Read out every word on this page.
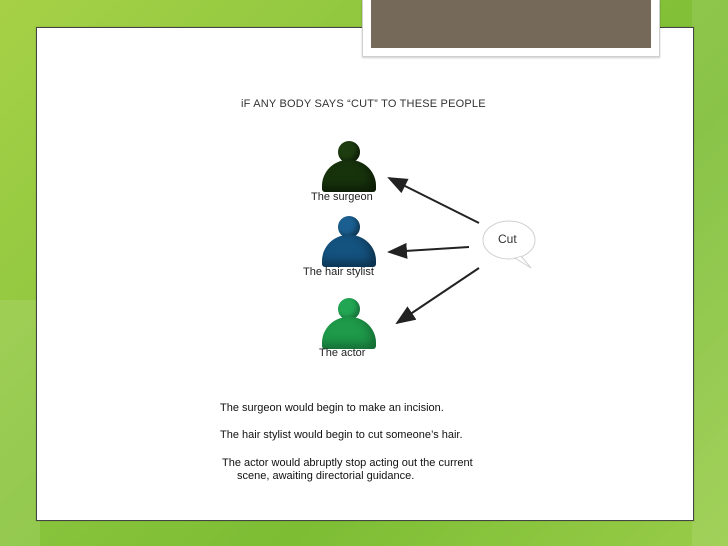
iF ANY BODY SAYS “CUT” TO THESE PEOPLE
The surgeon
The hair stylist
The actor
Cut
The surgeon would begin to make an incision.
The hair stylist would begin to cut someone’s hair.
The actor would abruptly stop acting out the current
scene, awaiting directorial guidance.
